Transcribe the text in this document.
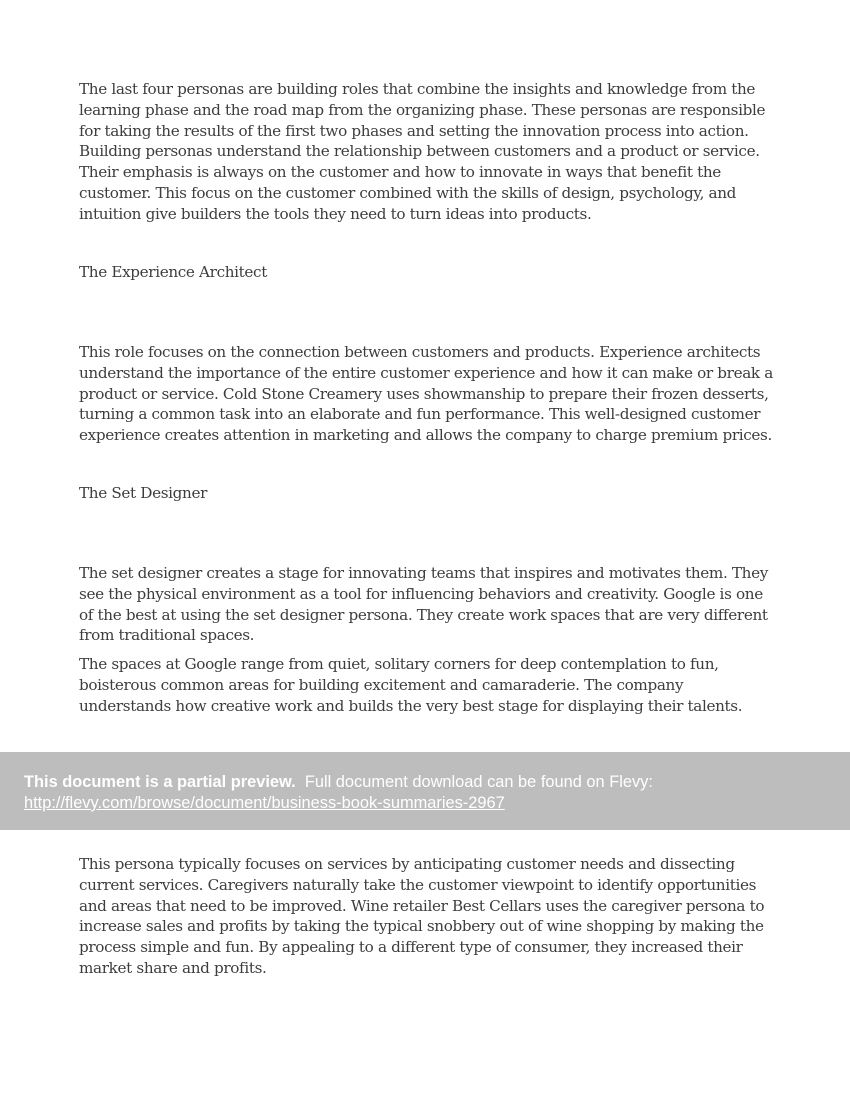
The last four personas are building roles that combine the insights and knowledge from the learning phase and the road map from the organizing phase. These personas are responsible for taking the results of the first two phases and setting the innovation process into action. Building personas understand the relationship between customers and a product or service. Their emphasis is always on the customer and how to innovate in ways that benefit the customer. This focus on the customer combined with the skills of design, psychology, and intuition give builders the tools they need to turn ideas into products.

The Experience Architect

This role focuses on the connection between customers and products. Experience architects understand the importance of the entire customer experience and how it can make or break a product or service. Cold Stone Creamery uses showmanship to prepare their frozen desserts, turning a common task into an elaborate and fun performance. This well-designed customer experience creates attention in marketing and allows the company to charge premium prices.

The Set Designer

The set designer creates a stage for innovating teams that inspires and motivates them. They see the physical environment as a tool for influencing behaviors and creativity. Google is one of the best at using the set designer persona. They create work spaces that are very different from traditional spaces.

The spaces at Google range from quiet, solitary corners for deep contemplation to fun, boisterous common areas for building excitement and camaraderie. The company understands how creative work and builds the very best stage for displaying their talents.

This document is a partial preview. Full document download can be found on Flevy:
http://flevy.com/browse/document/business-book-summaries-2967

This persona typically focuses on services by anticipating customer needs and dissecting current services. Caregivers naturally take the customer viewpoint to identify opportunities and areas that need to be improved. Wine retailer Best Cellars uses the caregiver persona to increase sales and profits by taking the typical snobbery out of wine shopping by making the process simple and fun. By appealing to a different type of consumer, they increased their market share and profits.
